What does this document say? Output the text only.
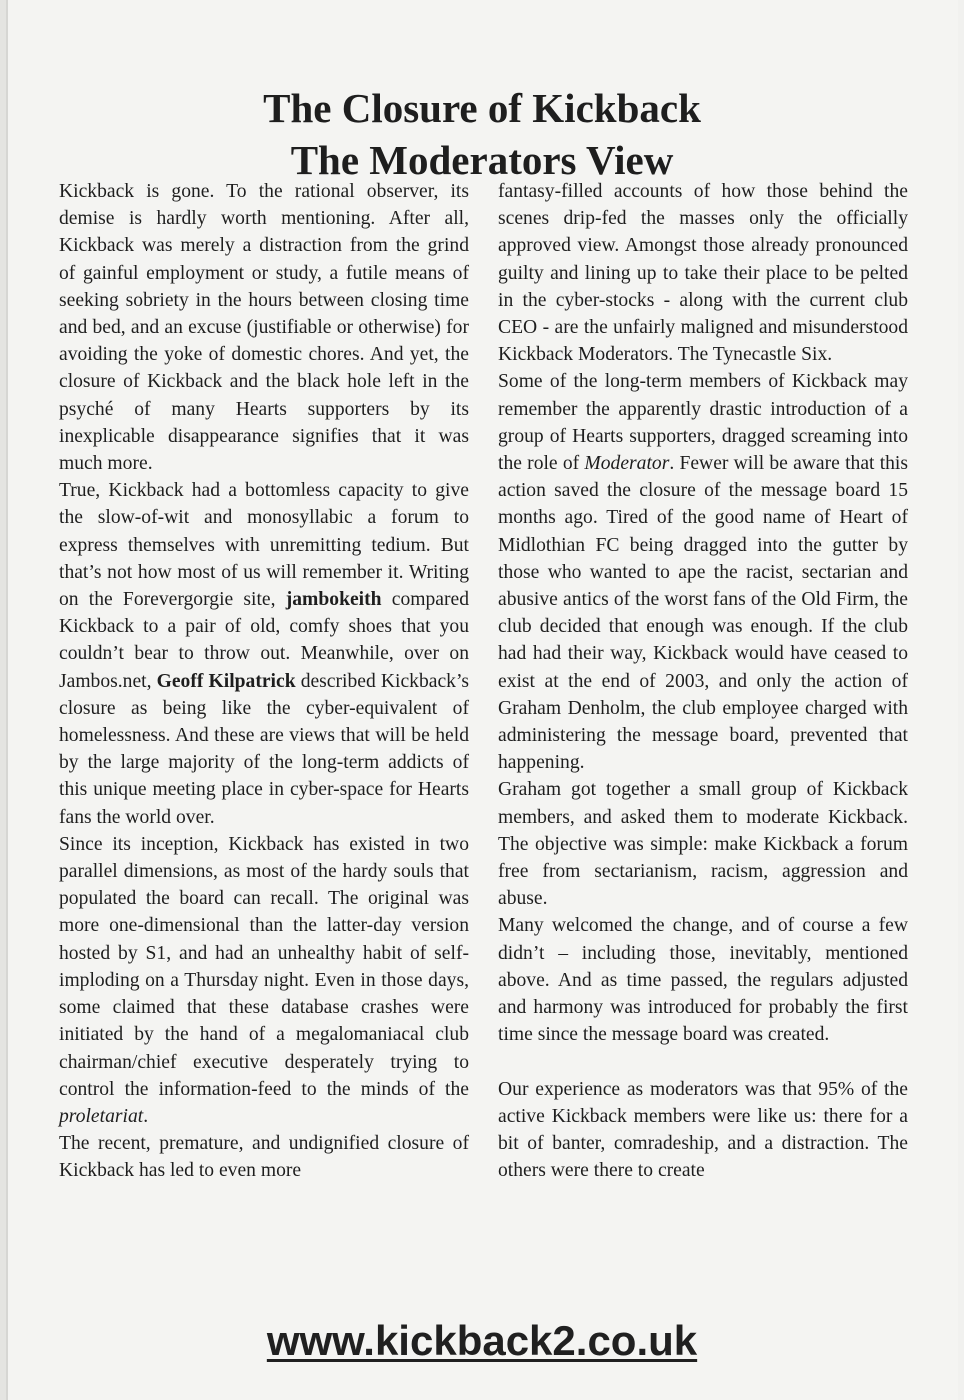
The Closure of Kickback
The Moderators View

Kickback is gone. To the rational observer, its demise is hardly worth mentioning. After all, Kickback was merely a distraction from the grind of gainful employment or study, a futile means of seeking sobriety in the hours between closing time and bed, and an excuse (justifiable or otherwise) for avoiding the yoke of domestic chores. And yet, the closure of Kickback and the black hole left in the psyché of many Hearts supporters by its inexplicable disappearance signifies that it was much more.

True, Kickback had a bottomless capacity to give the slow-of-wit and monosyllabic a forum to express themselves with unremitting tedium. But that’s not how most of us will remember it. Writing on the Forevergorgie site, jambokeith compared Kickback to a pair of old, comfy shoes that you couldn’t bear to throw out. Meanwhile, over on Jambos.net, Geoff Kilpatrick described Kickback’s closure as being like the cyber-equivalent of homelessness. And these are views that will be held by the large majority of the long-term addicts of this unique meeting place in cyber-space for Hearts fans the world over.

Since its inception, Kickback has existed in two parallel dimensions, as most of the hardy souls that populated the board can recall. The original was more one-dimensional than the latter-day version hosted by S1, and had an unhealthy habit of self-imploding on a Thursday night. Even in those days, some claimed that these database crashes were initiated by the hand of a megalomaniacal club chairman/chief executive desperately trying to control the information-feed to the minds of the proletariat.

The recent, premature, and undignified closure of Kickback has led to even more

fantasy-filled accounts of how those behind the scenes drip-fed the masses only the officially approved view. Amongst those already pronounced guilty and lining up to take their place to be pelted in the cyber-stocks - along with the current club CEO - are the unfairly maligned and misunderstood Kickback Moderators. The Tynecastle Six.

Some of the long-term members of Kickback may remember the apparently drastic introduction of a group of Hearts supporters, dragged screaming into the role of Moderator. Fewer will be aware that this action saved the closure of the message board 15 months ago. Tired of the good name of Heart of Midlothian FC being dragged into the gutter by those who wanted to ape the racist, sectarian and abusive antics of the worst fans of the Old Firm, the club decided that enough was enough. If the club had had their way, Kickback would have ceased to exist at the end of 2003, and only the action of Graham Denholm, the club employee charged with administering the message board, prevented that happening.

Graham got together a small group of Kickback members, and asked them to moderate Kickback. The objective was simple: make Kickback a forum free from sectarianism, racism, aggression and abuse.

Many welcomed the change, and of course a few didn’t – including those, inevitably, mentioned above. And as time passed, the regulars adjusted and harmony was introduced for probably the first time since the message board was created.

Our experience as moderators was that 95% of the active Kickback members were like us: there for a bit of banter, comradeship, and a distraction. The others were there to create

www.kickback2.co.uk
